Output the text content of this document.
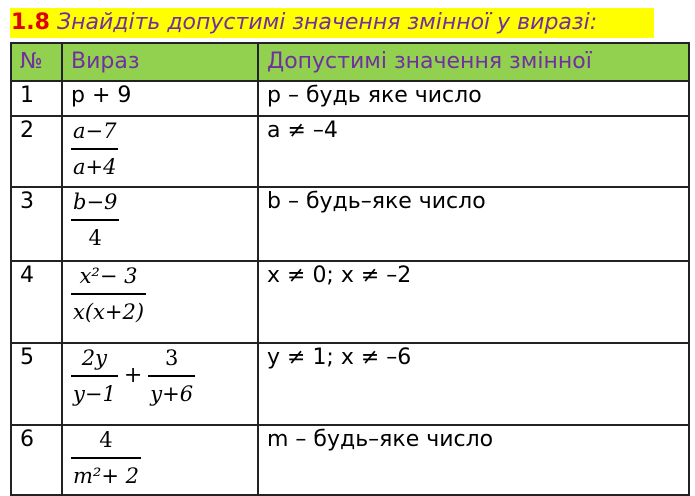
1.8 Знайдіть допустимі значення змінної у виразі:
№	Вираз	Допустимі значення змінної
1	p + 9	p – будь яке число
2	$\frac{a-7}{a+4}$	a ≠ –4
3	$\frac{b-9}{4}$	b – будь–яке число
4	$\frac{\text{x²− 3}}{x(x+2)}$	x ≠ 0; x ≠ –2
5	$\frac{2y}{y-1} + \frac{3}{y+6}$	y ≠ 1; x ≠ –6
6	$\frac{4}{\text{m²+ 2}}$	m – будь–яке число
